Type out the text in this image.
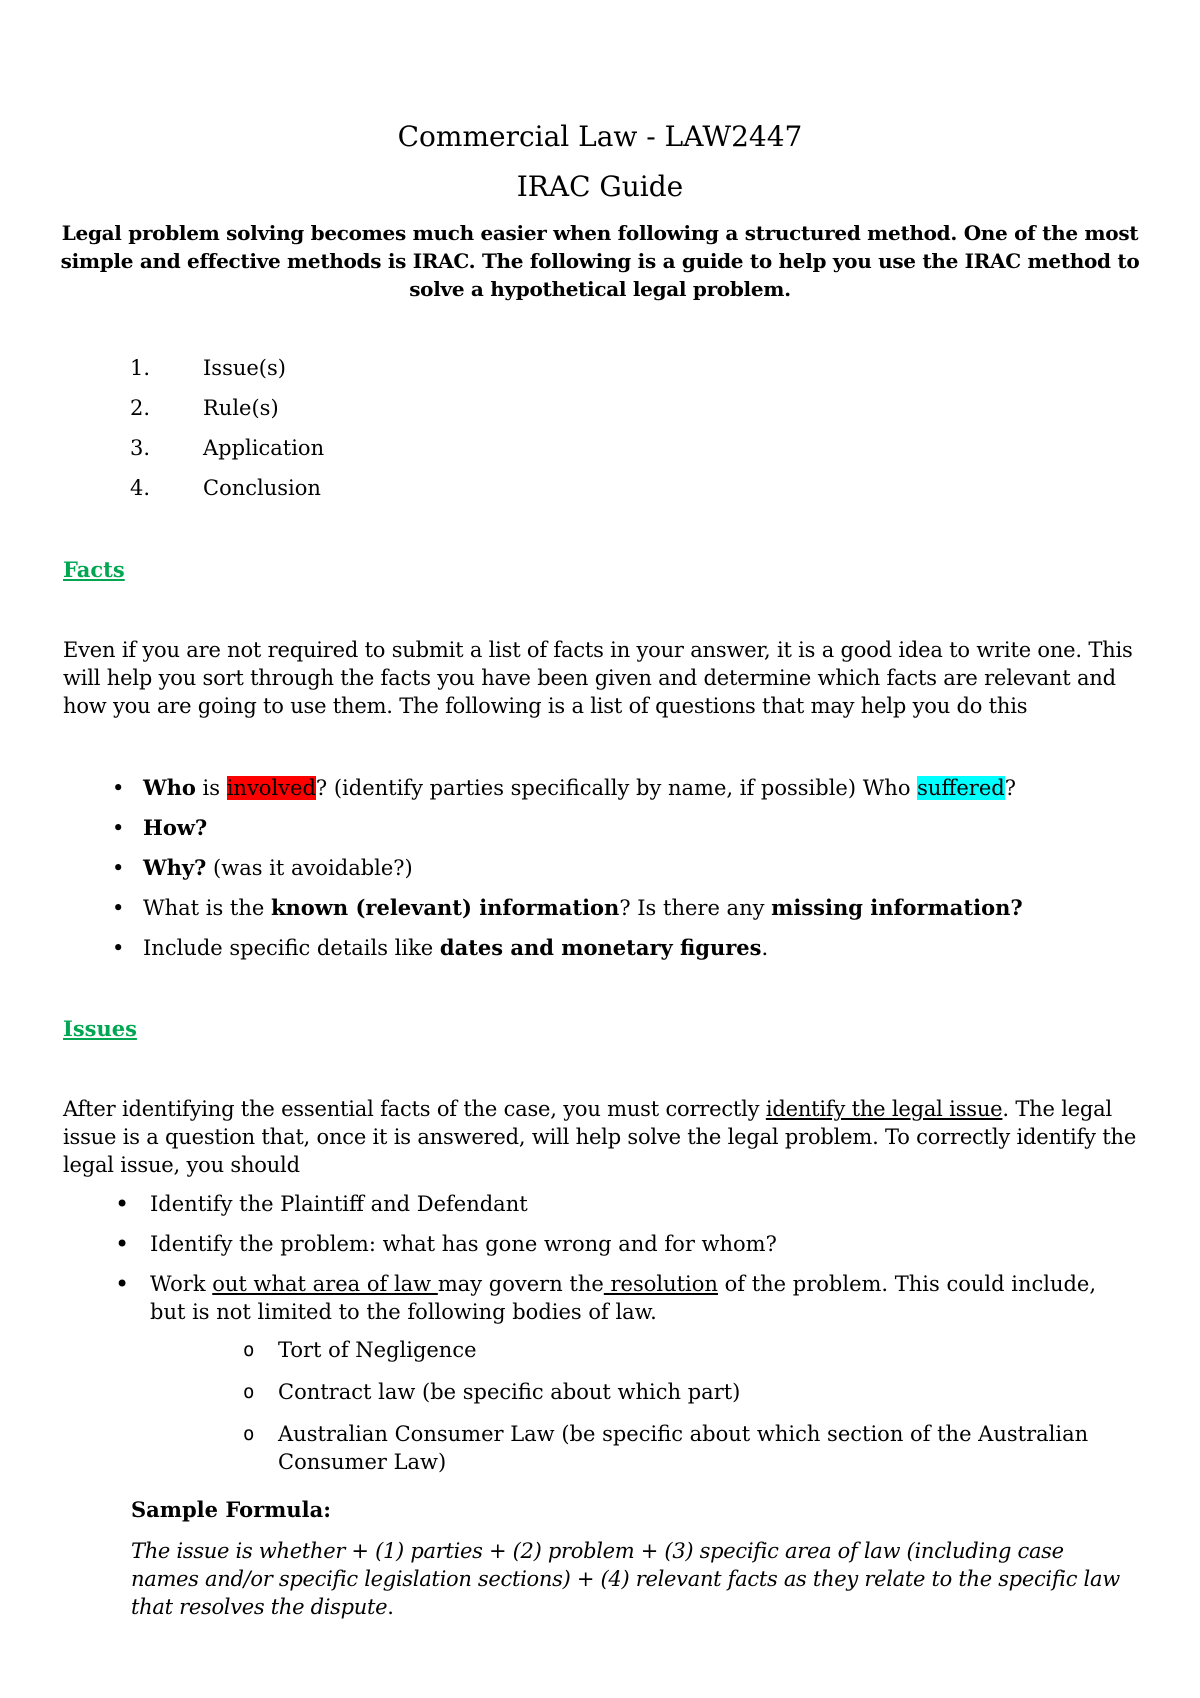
Commercial Law - LAW2447
IRAC Guide
Legal problem solving becomes much easier when following a structured method. One of the most simple and effective methods is IRAC. The following is a guide to help you use the IRAC method to solve a hypothetical legal problem.
1.	Issue(s)
2.	Rule(s)
3.	Application
4.	Conclusion
Facts
Even if you are not required to submit a list of facts in your answer, it is a good idea to write one. This will help you sort through the facts you have been given and determine which facts are relevant and how you are going to use them. The following is a list of questions that may help you do this
• Who is involved? (identify parties specifically by name, if possible) Who suffered?
• How?
• Why? (was it avoidable?)
• What is the known (relevant) information? Is there any missing information?
• Include specific details like dates and monetary figures.
Issues
After identifying the essential facts of the case, you must correctly identify the legal issue. The legal issue is a question that, once it is answered, will help solve the legal problem. To correctly identify the legal issue, you should
• Identify the Plaintiff and Defendant
• Identify the problem: what has gone wrong and for whom?
• Work out what area of law may govern the resolution of the problem. This could include, but is not limited to the following bodies of law.
o Tort of Negligence
o Contract law (be specific about which part)
o Australian Consumer Law (be specific about which section of the Australian Consumer Law)
Sample Formula:
The issue is whether + (1) parties + (2) problem + (3) specific area of law (including case names and/or specific legislation sections) + (4) relevant facts as they relate to the specific law that resolves the dispute.
